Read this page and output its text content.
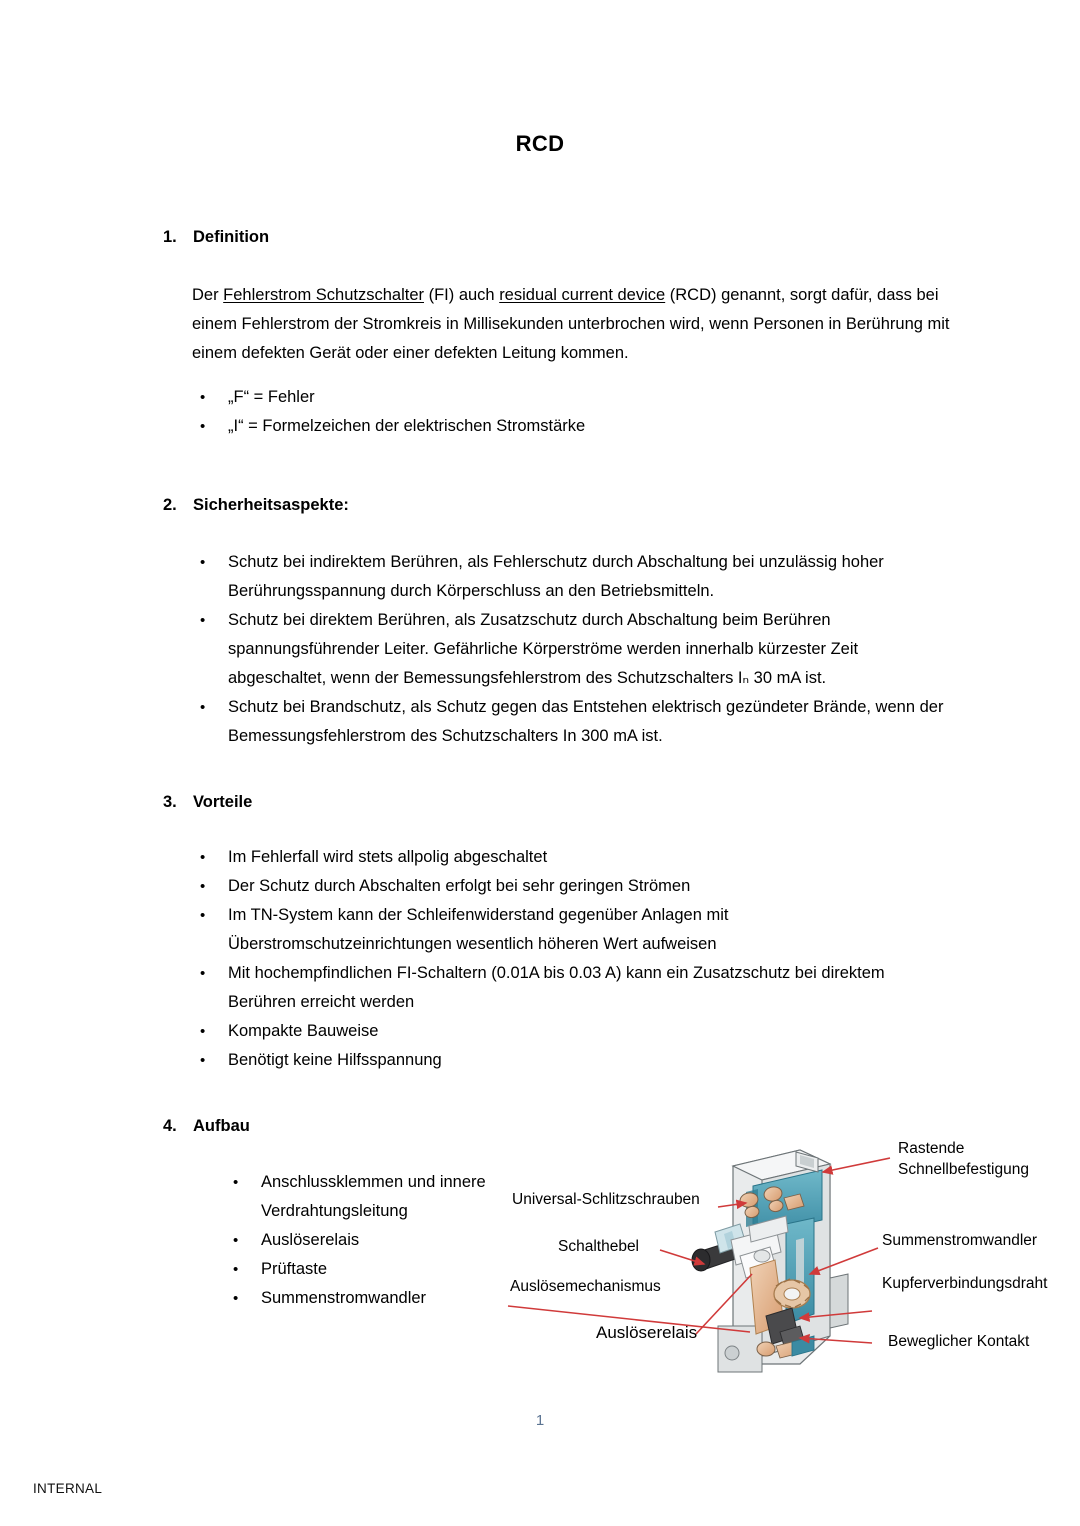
RCD
1. Definition
Der Fehlerstrom Schutzschalter (FI) auch residual current device (RCD) genannt, sorgt dafür, dass bei einem Fehlerstrom der Stromkreis in Millisekunden unterbrochen wird, wenn Personen in Berührung mit einem defekten Gerät oder einer defekten Leitung kommen.
• „F“ = Fehler
• „I“ = Formelzeichen der elektrischen Stromstärke
2. Sicherheitsaspekte:
• Schutz bei indirektem Berühren, als Fehlerschutz durch Abschaltung bei unzulässig hoher Berührungsspannung durch Körperschluss an den Betriebsmitteln.
• Schutz bei direktem Berühren, als Zusatzschutz durch Abschaltung beim Berühren spannungsführender Leiter. Gefährliche Körperströme werden innerhalb kürzester Zeit abgeschaltet, wenn der Bemessungsfehlerstrom des Schutzschalters Iₙ 30 mA ist.
• Schutz bei Brandschutz, als Schutz gegen das Entstehen elektrisch gezündeter Brände, wenn der Bemessungsfehlerstrom des Schutzschalters In 300 mA ist.
3. Vorteile
• Im Fehlerfall wird stets allpolig abgeschaltet
• Der Schutz durch Abschalten erfolgt bei sehr geringen Strömen
• Im TN-System kann der Schleifenwiderstand gegenüber Anlagen mit Überstromschutzeinrichtungen wesentlich höheren Wert aufweisen
• Mit hochempfindlichen FI-Schaltern (0.01A bis 0.03 A) kann ein Zusatzschutz bei direktem Berühren erreicht werden
• Kompakte Bauweise
• Benötigt keine Hilfsspannung
4. Aufbau
• Anschlussklemmen und innere Verdrahtungsleitung
• Auslöserelais
• Prüftaste
• Summenstromwandler
Rastende
Schnellbefestigung
Universal-Schlitzschrauben
Schalthebel
Auslösemechanismus
Auslöserelais
Summenstromwandler
Kupferverbindungsdraht
Beweglicher Kontakt
1
INTERNAL
